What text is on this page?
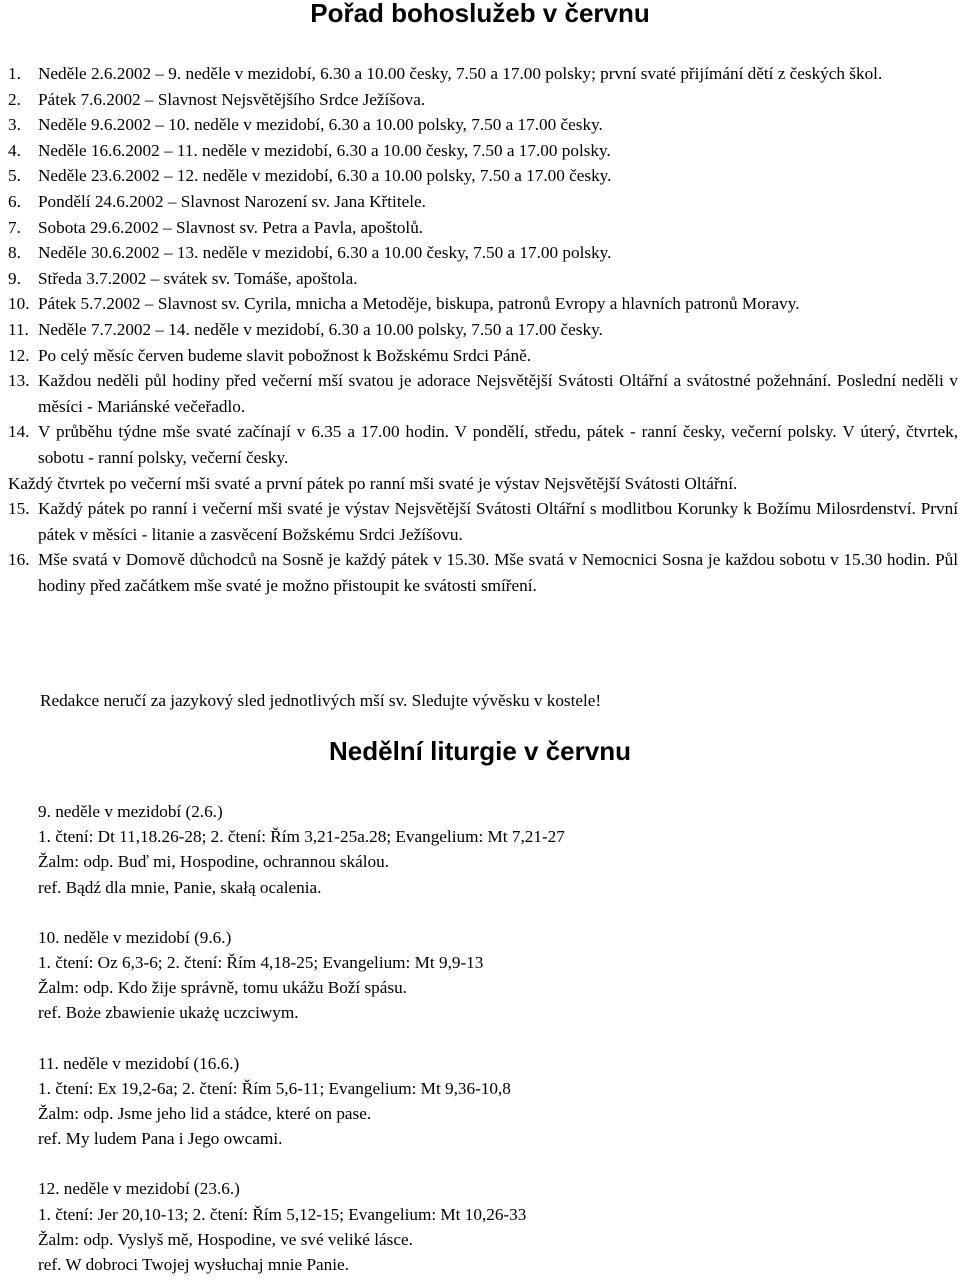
Pořad bohoslužeb v červnu
1. Neděle 2.6.2002 – 9. neděle v mezidobí, 6.30 a 10.00 česky, 7.50 a 17.00 polsky; první svaté přijímání dětí z českých škol.
2. Pátek 7.6.2002 – Slavnost Nejsvětějšího Srdce Ježíšova.
3. Neděle 9.6.2002 – 10. neděle v mezidobí, 6.30 a 10.00 polsky, 7.50 a 17.00 česky.
4. Neděle 16.6.2002 – 11. neděle v mezidobí, 6.30 a 10.00 česky, 7.50 a 17.00 polsky.
5. Neděle 23.6.2002 – 12. neděle v mezidobí, 6.30 a 10.00 polsky, 7.50 a 17.00 česky.
6. Pondělí 24.6.2002 – Slavnost Narození sv. Jana Křtitele.
7. Sobota 29.6.2002 – Slavnost sv. Petra a Pavla, apoštolů.
8. Neděle 30.6.2002 – 13. neděle v mezidobí, 6.30 a 10.00 česky, 7.50 a 17.00 polsky.
9. Středa 3.7.2002 – svátek sv. Tomáše, apoštola.
10. Pátek 5.7.2002 – Slavnost sv. Cyrila, mnicha a Metoděje, biskupa, patronů Evropy a hlavních patronů Moravy.
11. Neděle 7.7.2002 – 14. neděle v mezidobí, 6.30 a 10.00 polsky, 7.50 a 17.00 česky.
12. Po celý měsíc červen budeme slavit pobožnost k Božskému Srdci Páně.
13. Každou neděli půl hodiny před večerní mší svatou je adorace Nejsvětější Svátosti Oltářní a svátostné požehnání. Poslední neděli v měsíci - Mariánské večeřadlo.
14. V průběhu týdne mše svaté začínají v 6.35 a 17.00 hodin. V pondělí, středu, pátek - ranní česky, večerní polsky. V úterý, čtvrtek, sobotu - ranní polsky, večerní česky.
Každý čtvrtek po večerní mši svaté a první pátek po ranní mši svaté je výstav Nejsvětější Svátosti Oltářní.
15. Každý pátek po ranní i večerní mši svaté je výstav Nejsvětější Svátosti Oltářní s modlitbou Korunky k Božímu Milosrdenství. První pátek v měsíci - litanie a zasvěcení Božskému Srdci Ježíšovu.
16. Mše svatá v Domově důchodců na Sosně je každý pátek v 15.30. Mše svatá v Nemocnici Sosna je každou sobotu v 15.30 hodin. Půl hodiny před začátkem mše svaté je možno přistoupit ke svátosti smíření.
Redakce neručí za jazykový sled jednotlivých mší sv. Sledujte vývěsku v kostele!
Nedělní liturgie v červnu
9. neděle v mezidobí (2.6.)
1. čtení: Dt 11,18.26-28; 2. čtení: Řím 3,21-25a.28; Evangelium: Mt 7,21-27
Žalm: odp. Buď mi, Hospodine, ochrannou skálou.
ref. Bądź dla mnie, Panie, skałą ocalenia.
10. neděle v mezidobí (9.6.)
1. čtení: Oz 6,3-6; 2. čtení: Řím 4,18-25; Evangelium: Mt 9,9-13
Žalm: odp. Kdo žije správně, tomu ukážu Boží spásu.
ref. Boże zbawienie ukażę uczciwym.
11. neděle v mezidobí (16.6.)
1. čtení: Ex 19,2-6a; 2. čtení: Řím 5,6-11; Evangelium: Mt 9,36-10,8
Žalm: odp. Jsme jeho lid a stádce, které on pase.
ref. My ludem Pana i Jego owcami.
12. neděle v mezidobí (23.6.)
1. čtení: Jer 20,10-13; 2. čtení: Řím 5,12-15; Evangelium: Mt 10,26-33
Žalm: odp. Vyslyš mě, Hospodine, ve své veliké lásce.
ref. W dobroci Twojej wysłuchaj mnie Panie.
